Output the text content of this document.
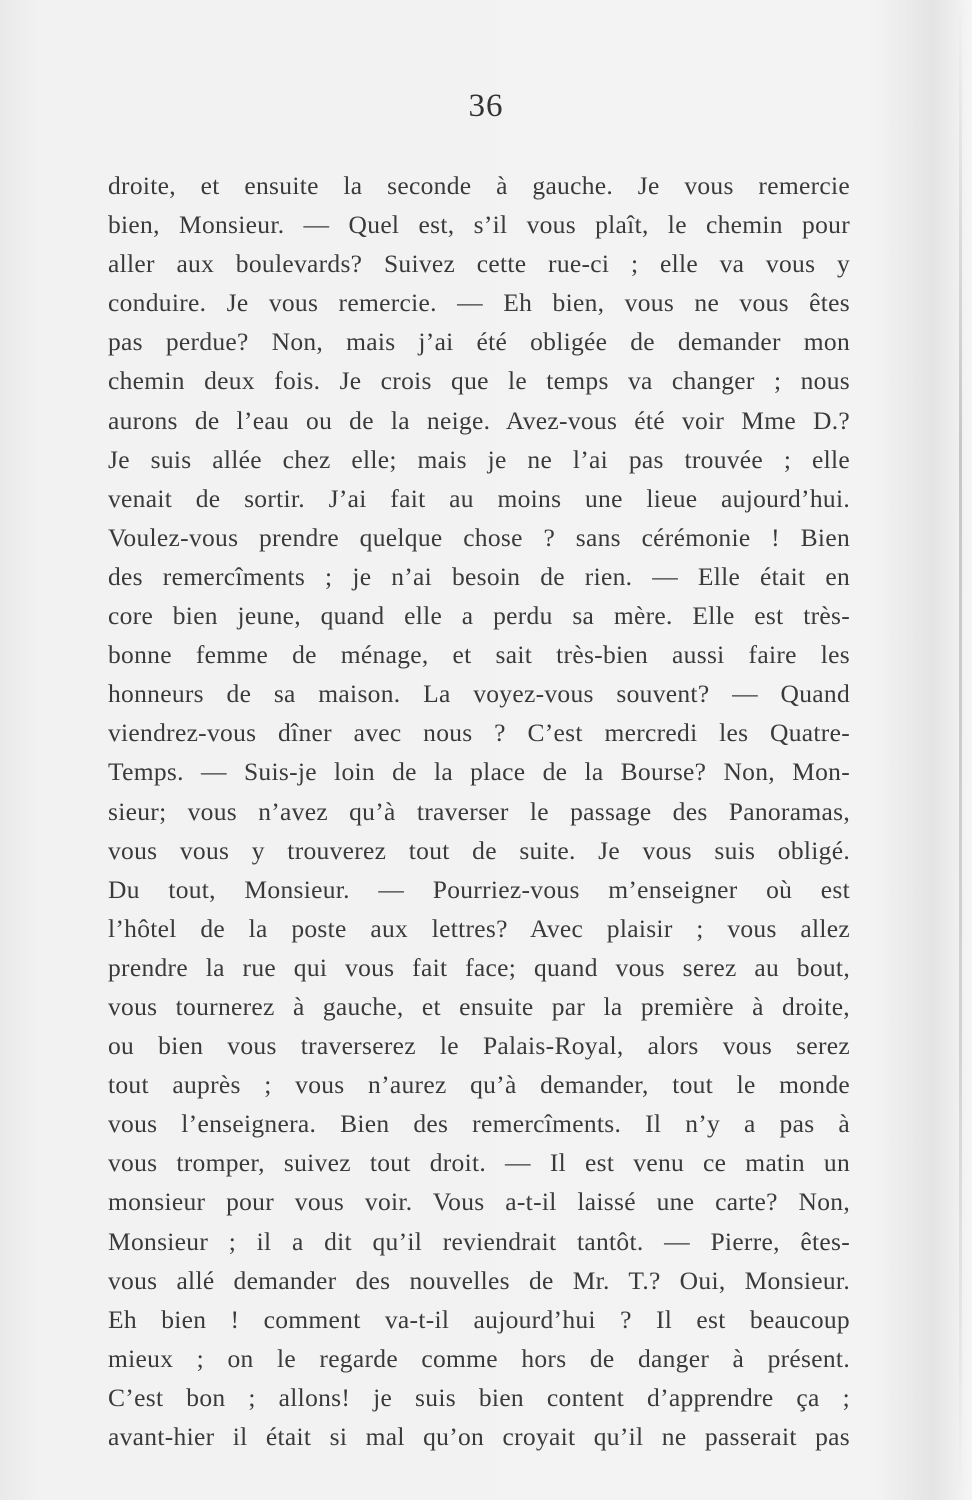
36
droite, et ensuite la seconde à gauche. Je vous remercie
bien, Monsieur. — Quel est, s’il vous plaît, le chemin pour
aller aux boulevards? Suivez cette rue-ci ; elle va vous y
conduire. Je vous remercie. — Eh bien, vous ne vous êtes
pas perdue? Non, mais j’ai été obligée de demander mon
chemin deux fois. Je crois que le temps va changer ; nous
aurons de l’eau ou de la neige. Avez-vous été voir Mme D.?
Je suis allée chez elle; mais je ne l’ai pas trouvée ; elle
venait de sortir. J’ai fait au moins une lieue aujourd’hui.
Voulez-vous prendre quelque chose ? sans cérémonie ! Bien
des remercîments ; je n’ai besoin de rien. — Elle était en
core bien jeune, quand elle a perdu sa mère. Elle est très-
bonne femme de ménage, et sait très-bien aussi faire les
honneurs de sa maison. La voyez-vous souvent? — Quand
viendrez-vous dîner avec nous ? C’est mercredi les Quatre-
Temps. — Suis-je loin de la place de la Bourse? Non, Mon-
sieur; vous n’avez qu’à traverser le passage des Panoramas,
vous vous y trouverez tout de suite. Je vous suis obligé.
Du tout, Monsieur. — Pourriez-vous m’enseigner où est
l’hôtel de la poste aux lettres? Avec plaisir ; vous allez
prendre la rue qui vous fait face; quand vous serez au bout,
vous tournerez à gauche, et ensuite par la première à droite,
ou bien vous traverserez le Palais-Royal, alors vous serez
tout auprès ; vous n’aurez qu’à demander, tout le monde
vous l’enseignera. Bien des remercîments. Il n’y a pas à
vous tromper, suivez tout droit. — Il est venu ce matin un
monsieur pour vous voir. Vous a-t-il laissé une carte? Non,
Monsieur ; il a dit qu’il reviendrait tantôt. — Pierre, êtes-
vous allé demander des nouvelles de Mr. T.? Oui, Monsieur.
Eh bien ! comment va-t-il aujourd’hui ? Il est beaucoup
mieux ; on le regarde comme hors de danger à présent.
C’est bon ; allons! je suis bien content d’apprendre ça ;
avant-hier il était si mal qu’on croyait qu’il ne passerait pas
